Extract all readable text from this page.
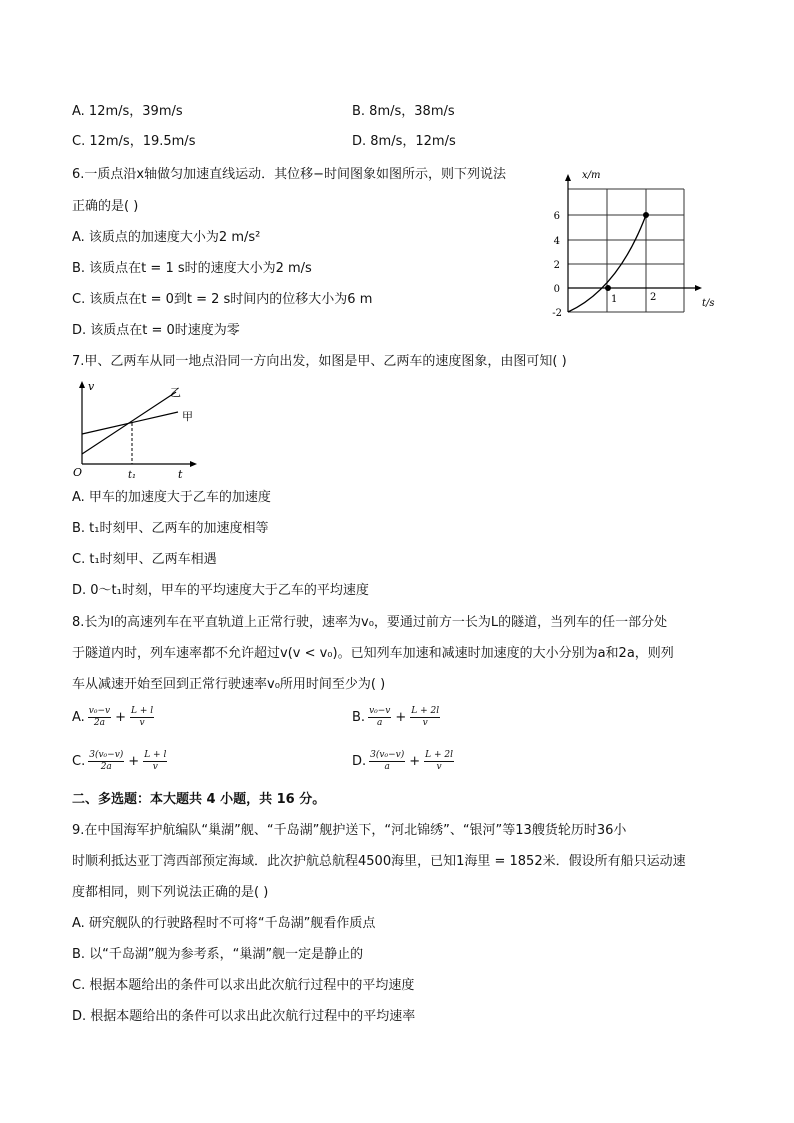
A. 12m/s，39m/s	B. 8m/s，38m/s
C. 12m/s，19.5m/s	D. 8m/s，12m/s
6.一质点沿x轴做匀加速直线运动．其位移−时间图象如图所示，则下列说法
正确的是( )
A. 该质点的加速度大小为2 m/s²
B. 该质点在t = 1 s时的速度大小为2 m/s
C. 该质点在t = 0到t = 2 s时间内的位移大小为6 m
D. 该质点在t = 0时速度为零
x/m
t/s
6
4
2
0
-2
1	2
7.甲、乙两车从同一地点沿同一方向出发，如图是甲、乙两车的速度图象，由图可知( )
v
t
O	t₁
乙
甲
A. 甲车的加速度大于乙车的加速度
B. t₁时刻甲、乙两车的加速度相等
C. t₁时刻甲、乙两车相遇
D. 0～t₁时刻，甲车的平均速度大于乙车的平均速度
8.长为l的高速列车在平直轨道上正常行驶，速率为v₀，要通过前方一长为L的隧道，当列车的任一部分处
于隧道内时，列车速率都不允许超过v(v < v₀)。已知列车加速和减速时加速度的大小分别为a和2a，则列
车从减速开始至回到正常行驶速率v₀所用时间至少为( )
A. $\frac{\text{v₀−v}}{2a} + \frac{L + l}{v}$	B. $\frac{\text{v₀−v}}{a} + \frac{L + 2l}{v}$
C. $\frac{\text{3(v₀−v)}}{2a} + \frac{L + l}{v}$	D. $\frac{\text{3(v₀−v)}}{a} + \frac{L + 2l}{v}$
二、多选题：本大题共 4 小题，共 16 分。
9.在中国海军护航编队“巢湖”舰、“千岛湖”舰护送下，“河北锦绣”、“银河”等13艘货轮历时36小
时顺利抵达亚丁湾西部预定海域．此次护航总航程4500海里，已知1海里 = 1852米．假设所有船只运动速
度都相同，则下列说法正确的是( )
A. 研究舰队的行驶路程时不可将“千岛湖”舰看作质点
B. 以“千岛湖”舰为参考系，“巢湖”舰一定是静止的
C. 根据本题给出的条件可以求出此次航行过程中的平均速度
D. 根据本题给出的条件可以求出此次航行过程中的平均速率
